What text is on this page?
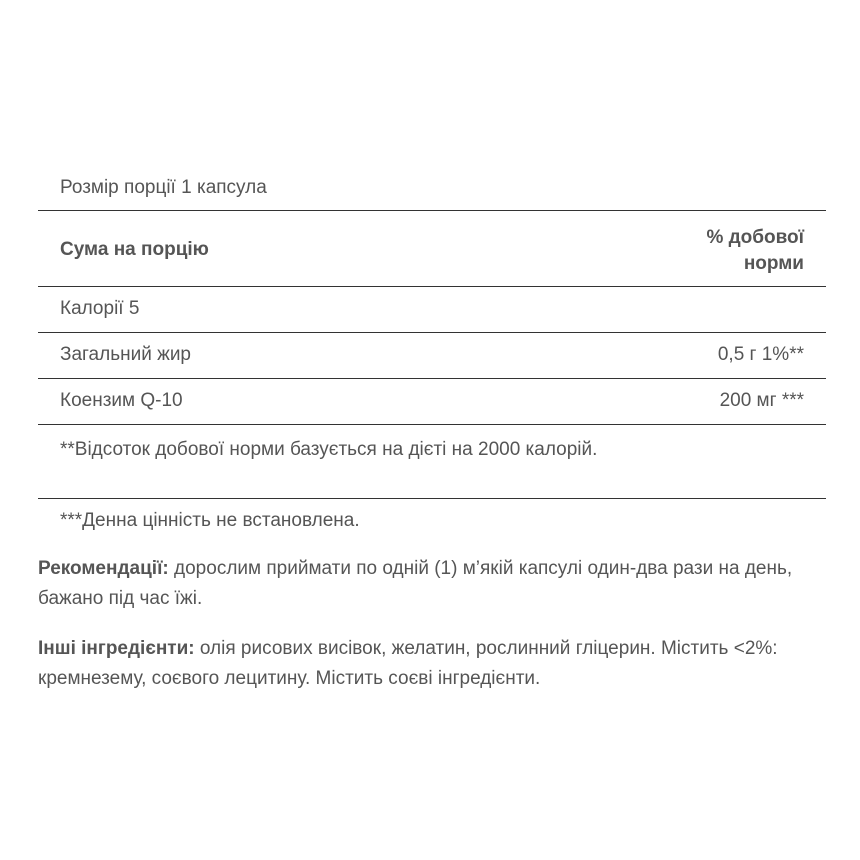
Розмір порції 1 капсула
Сума на порцію
% добової
норми
Калорії 5
Загальний жир	0,5 г 1%**
Коензим Q-10	200 мг ***
**Відсоток добової норми базується на дієті на 2000 калорій.
***Денна цінність не встановлена.
Рекомендації: дорослим приймати по одній (1) м’якій капсулі один-два рази на день, бажано під час їжі.
Інші інгредієнти: олія рисових висівок, желатин, рослинний гліцерин. Містить <2%: кремнезему, соєвого лецитину. Містить соєві інгредієнти.
